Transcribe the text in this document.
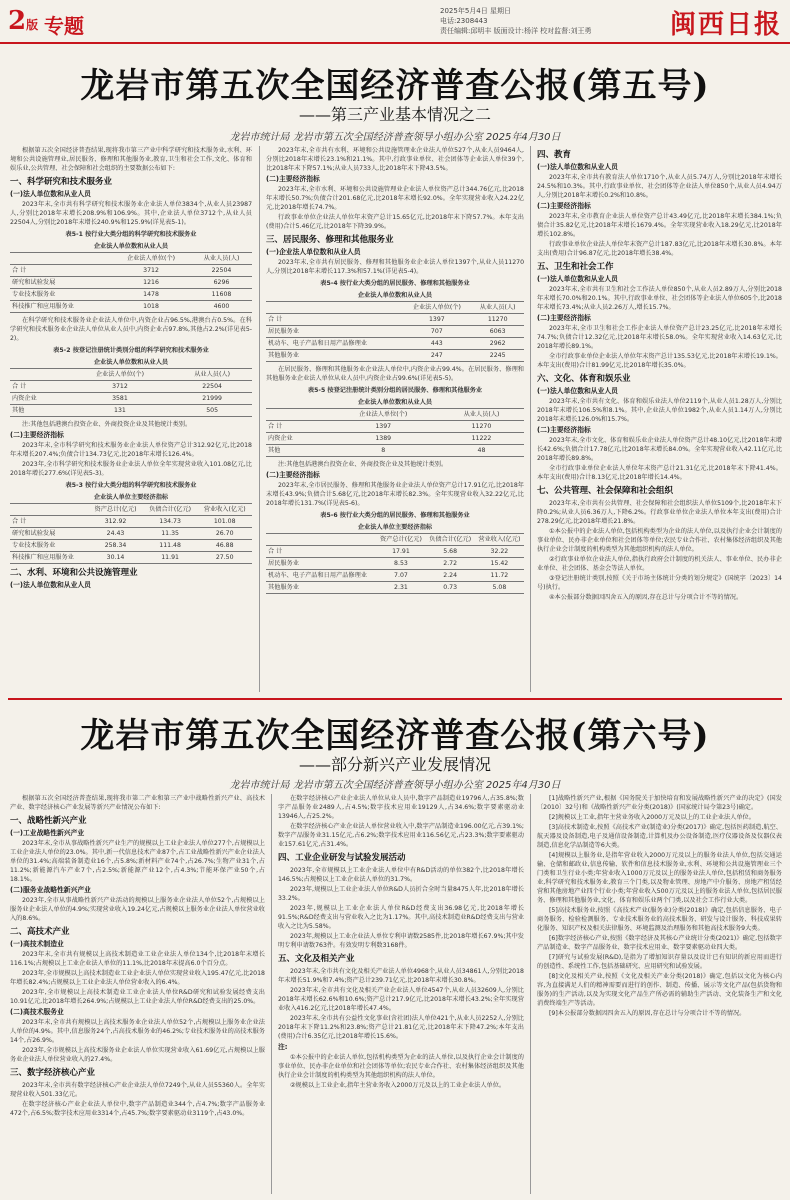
2版 专题
2025年5月4日 星期日
电话:2308443
责任编辑:邱明丰 版面设计:杨洋 校对监督:刘王勇	闽西日报
龙岩市第五次全国经济普查公报(第五号)
——第三产业基本情况之二
龙岩市统计局 龙岩市第五次全国经济普查领导小组办公室 2025年4月30日

根据第五次全国经济普查结果,现将我市第三产业中科学研究和技术服务业,水利、环境和公共设施管理业,居民服务、修理和其他服务业,教育,卫生和社会工作,文化、体育和娱乐业,公共管理、社会保障和社会组织的主要数据公布如下:

一、科学研究和技术服务业
(一)法人单位数和从业人员

2023年末,全市共有科学研究和技术服务业企业法人单位3834个,从业人员23987人,分别比2018年末增长208.9%和106.9%。其中,企业法人单位3712个,从业人员22504人,分别比2018年末增长240.9%和125.9%(详见表5-1)。

表5-1 按行业大类分组的科学研究和技术服务业
企业法人单位数和从业人员
	企业法人单位(个)	从业人员(人)
合 计	3712	22504
研究和试验发展	1216	6296
专业技术服务业	1478	11608
科技推广和应用服务业	1018	4600

在科学研究和技术服务业企业法人单位中,内资企业占96.5%,港澳台占0.5%。在科学研究和技术服务业企业法人单位从业人员中,内资企业占97.8%,其他占2.2%(详见表5-2)。

表5-2 按登记注册统计类别分组的科学研究和技术服务业
企业法人单位数和从业人员
	企业法人单位(个)	从业人员(人)
合 计	3712	22504
内资企业	3581	21999
其他	131	505

注:其他包括港澳台投资企业、外商投资企业及其他统计类别。

(二)主要经济指标

2023年末,全市科学研究和技术服务业企业法人单位资产总计312.92亿元,比2018年末增长207.4%;负债合计134.73亿元,比2018年末增长126.4%。

2023年,全市科学研究和技术服务业企业法人单位全年实现营业收入101.08亿元,比2018年增长277.6%(详见表5-3)。

表5-3 按行业大类分组的科学研究和技术服务业
企业法人单位主要经济指标
	资产总计(亿元)	负债合计(亿元)	营业收入(亿元)
合 计	312.92	134.73	101.08
研究和试验发展	24.43	11.35	26.70
专业技术服务业	258.34	111.48	46.88
科技推广和应用服务业	30.14	11.91	27.50
二、水利、环境和公共设施管理业
(一)法人单位数和从业人员

2023年末,全市共有水利、环境和公共设施管理业企业法人单位527个,从业人员9464人,分别比2018年末增长23.1%和21.1%。其中,行政事业单位、社会团体等企业法人单位39个,比2018年末下降57.1%;从业人员733人,比2018年末下降43.5%。

(二)主要经济指标

2023年末,全市水利、环境和公共设施管理业企业法人单位资产总计344.76亿元,比2018年末增长50.7%;负债合计201.68亿元,比2018年末增长92.0%。全年实现营业收入24.22亿元,比2018年增长74.7%。

行政事业单位企业法人单位年末资产总计15.65亿元,比2018年末下降57.7%。本年支出(费用)合计5.46亿元,比2018年下降39.9%。

三、居民服务、修理和其他服务业
(一)企业法人单位数和从业人员

2023年末,全市共有居民服务、修理和其他服务业企业法人单位1397个,从业人员11270人,分别比2018年末增长117.3%和57.1%(详见表5-4)。

表5-4 按行业大类分组的居民服务、修理和其他服务业
企业法人单位数和从业人员
	企业法人单位(个)	从业人员(人)
合 计	1397	11270
居民服务业	707	6063
机动车、电子产品和日用产品修理业	443	2962
其他服务业	247	2245

在居民服务、修理和其他服务业企业法人单位中,内资企业占99.4%。在居民服务、修理和其他服务业企业法人单位从业人员中,内资企业占99.6%(详见表5-5)。

表5-5 按登记注册统计类别分组的居民服务、修理和其他服务业
企业法人单位数和从业人员
	企业法人单位(个)	从业人员(人)
合 计	1397	11270
内资企业	1389	11222
其他	8	48

注:其他包括港澳台投资企业、外商投资企业及其他统计类别。

(二)主要经济指标

2023年末,全市居民服务、修理和其他服务业企业法人单位资产总计17.91亿元,比2018年末增长43.9%;负债合计5.68亿元,比2018年末增长82.3%。全年实现营业收入32.22亿元,比2018年增长131.7%(详见表5-6)。

表5-6 按行业大类分组的居民服务、修理和其他服务业
企业法人单位主要经济指标
	资产总计(亿元)	负债合计(亿元)	营业收入(亿元)
合 计	17.91	5.68	32.22
居民服务业	8.53	2.72	15.42
机动车、电子产品和日用产品修理业	7.07	2.24	11.72
其他服务业	2.31	0.73	5.08
四、教育
(一)法人单位数和从业人员

2023年末,全市共有教育法人单位1710个,从业人员5.74万人,分别比2018年末增长24.5%和10.3%。其中,行政事业单位、社会团体等企业法人单位850个,从业人员4.94万人,分别比2018年末增长0.2%和10.8%。

(二)主要经济指标

2023年末,全市教育企业法人单位资产总计43.49亿元,比2018年末增长384.1%;负债合计35.82亿元,比2018年末增长1679.4%。全年实现营业收入18.29亿元,比2018年增长102.8%。

行政事业单位企业法人单位年末资产总计187.83亿元,比2018年末增长30.8%。本年支出(费用)合计96.87亿元,比2018年增长38.4%。

五、卫生和社会工作
(一)法人单位数和从业人员

2023年末,全市共有卫生和社会工作法人单位850个,从业人员2.89万人,分别比2018年末增长70.0%和20.1%。其中,行政事业单位、社会团体等企业法人单位605个,比2018年末增长73.4%;从业人员2.26万人,增长15.7%。

(二)主要经济指标

2023年末,全市卫生和社会工作企业法人单位资产总计23.25亿元,比2018年末增长74.7%;负债合计12.32亿元,比2018年末增长58.0%。全年实现营业收入14.63亿元,比2018年增长89.1%。

全市行政事业单位企业法人单位年末资产总计135.53亿元,比2018年末增长19.1%。本年支出(费用)合计81.99亿元,比2018年增长35.0%。

六、文化、体育和娱乐业
(一)法人单位数和从业人员

2023年末,全市共有文化、体育和娱乐业法人单位2119个,从业人员1.28万人,分别比2018年末增长106.5%和8.1%。其中,企业法人单位1982个,从业人员1.14万人,分别比2018年末增长126.0%和15.7%。

(二)主要经济指标

2023年末,全市文化、体育和娱乐业企业法人单位资产总计48.10亿元,比2018年末增长42.6%;负债合计17.78亿元,比2018年末增长84.0%。全年实现营业收入42.11亿元,比2018年增长89.8%。

全市行政事业单位企业法人单位年末资产总计21.31亿元,比2018年末下降41.4%。本年支出(费用)合计8.13亿元,比2018年增长14.4%。

七、公共管理、社会保障和社会组织

2023年末,全市共有公共管理、社会保障和社会组织法人单位5109个,比2018年末下降0.2%;从业人员6.36万人,下降6.2%。行政事业单位企业法人单位本年支出(费用)合计278.29亿元,比2018年增长21.8%。

①本公报中的企业法人单位,包括机构类型为企业的法人单位,以及执行企业会计制度的事业单位、民办非企业单位和社会团体等单位;农民专业合作社、农村集体经济组织及其他执行企业会计制度的机构类型为其他组织机构的法人单位。

②行政事业单位企业法人单位,指执行政府会计制度的机关法人、事业单位、民办非企业单位、社会团体、基金会等法人单位。

③登记注册统计类别,按照《关于市场主体统计分类的划分规定》(国统字〔2023〕14号)执行。

④本公报部分数据因四舍五入的原因,存在总计与分项合计不等的情况。

龙岩市第五次全国经济普查公报(第六号)
——部分新兴产业发展情况
龙岩市统计局 龙岩市第五次全国经济普查领导小组办公室 2025年4月30日

根据第五次全国经济普查结果,现将我市第二产业和第三产业中战略性新兴产业、高技术产业、数字经济核心产业发展等新兴产业情况公布如下:

一、战略性新兴产业
(一)工业战略性新兴产业

2023年末,全市从事战略性新兴产业生产的规模以上工业企业法人单位277个,占规模以上工业企业法人单位的23.0%。其中,新一代信息技术产业87个,占工业战略性新兴产业企业法人单位的31.4%;高端装备制造业16个,占5.8%;新材料产业74个,占26.7%;生物产业31个,占11.2%;新能源汽车产业7个,占2.5%;新能源产业12个,占4.3%;节能环保产业50个,占18.1%。

(二)服务业战略性新兴产业

2023年,全市从事战略性新兴产业活动的规模以上服务业企业法人单位52个,占规模以上服务业企业法人单位的4.9%;实现营业收入19.24亿元,占规模以上服务业企业法人单位营业收入的8.6%。

二、高技术产业
(一)高技术制造业

2023年末,全市共有规模以上高技术制造业工业企业法人单位134个,比2018年末增长116.1%;占规模以上工业企业法人单位的11.1%,比2018年末提高6.0个百分点。

2023年,全市规模以上高技术制造业工业企业法人单位实现营业收入195.47亿元,比2018年增长82.4%;占规模以上工业企业法人单位营业收入的6.4%。

2023年,全市规模以上高技术制造业工业企业法人单位R&D研究和试验发展经费支出10.91亿元,比2018年增长264.9%;占规模以上工业企业法人单位R&D经费支出的25.0%。

(二)高技术服务业

2023年末,全市共有规模以上高技术服务业企业法人单位52个,占规模以上服务业企业法人单位的4.9%。其中,信息服务24个,占高技术服务业的46.2%;专业技术服务业的高技术服务14个,占26.9%。

2023年,全市规模以上高技术服务业企业法人单位实现营业收入61.69亿元,占规模以上服务业企业法人单位营业收入的27.4%。

三、数字经济核心产业

2023年末,全市共有数字经济核心产业企业法人单位7249个,从业人员55360人。全年实现营业收入501.33亿元。

在数字经济核心产业企业法人单位中,数字产品制造业344个,占4.7%;数字产品服务业472个,占6.5%;数字技术应用业3314个,占45.7%;数字要素驱动业3119个,占43.0%。

在数字经济核心产业企业法人单位从业人员中,数字产品制造业19796人,占35.8%;数字产品服务业2489人,占4.5%;数字技术应用业19129人,占34.6%;数字要素驱动业13946人,占25.2%。

在数字经济核心产业企业法人单位营业收入中,数字产品制造业196.00亿元,占39.1%;数字产品服务业31.15亿元,占6.2%;数字技术应用业116.56亿元,占23.3%;数字要素驱动业157.61亿元,占31.4%。

四、工业企业研发与试验发展活动

2023年,全市规模以上工业企业法人单位中有R&D活动的单位382个,比2018年增长146.5%;占规模以上工业企业法人单位的31.7%。

2023年,规模以上工业企业法人单位R&D人员折合全时当量8475人年,比2018年增长33.2%。

2023年,规模以上工业企业法人单位R&D经费支出36.98亿元,比2018年增长91.5%;R&D经费支出与营业收入之比为1.17%。其中,高技术制造业R&D经费支出与营业收入之比为5.58%。

2023年,规模以上工业企业法人单位专利申请数2585件,比2018年增长67.9%;其中发明专利申请数763件。有效发明专利数3168件。

五、文化及相关产业

2023年末,全市共有文化及相关产业法人单位4968个,从业人员34861人,分别比2018年末增长51.9%和7.4%;资产总计239.71亿元,比2018年末增长30.8%。

2023年末,全市共有文化及相关产业企业法人单位4547个,从业人员32609人,分别比2018年末增长62.6%和10.6%;资产总计217.9亿元,比2018年末增长43.2%;全年实现营业收入416.2亿元,比2018年增长47.4%。

2023年末,全市共有公益性文化事业(含社团)法人单位421个,从业人员2252人,分别比2018年末下降11.2%和23.8%;资产总计21.81亿元,比2018年末下降47.2%;本年支出(费用)合计6.35亿元,比2018年增长15.6%。

注:

①本公报中的企业法人单位,包括机构类型为企业的法人单位,以及执行企业会计制度的事业单位、民办非企业单位和社会团体等单位;农民专业合作社、农村集体经济组织及其他执行企业会计制度的机构类型为其他组织机构的法人单位。

②规模以上工业企业,指年主营业务收入2000万元及以上的工业企业法人单位。

[1]战略性新兴产业,根据《国务院关于加快培育和发展战略性新兴产业的决定》(国发〔2010〕32号)和《战略性新兴产业分类(2018)》(国家统计局令第23号)确定。

[2]规模以上工业,指年主营业务收入2000万元及以上的工业企业法人单位。

[3]高技术制造业,按照《高技术产业(制造业)分类(2017)》确定,包括医药制造,航空、航天器及设备制造,电子及通信设备制造,计算机及办公设备制造,医疗仪器设备及仪器仪表制造,信息化学品制造等6大类。

[4]规模以上服务业,是指年营业收入2000万元及以上的服务业法人单位,包括交通运输、仓储和邮政业,信息传输、软件和信息技术服务业,水利、环境和公共设施管理业三个门类和卫生行业小类;年营业收入1000万元及以上的服务业法人单位,包括租赁和商务服务业,科学研究和技术服务业,教育三个门类,以及物业管理、房地产中介服务、房地产租赁经营和其他房地产业四个行业小类;年营业收入500万元及以上的服务业法人单位,包括居民服务、修理和其他服务业,文化、体育和娱乐业两个门类,以及社会工作行业大类。

[5]高技术服务业,按照《高技术产业(服务业)分类(2018)》确定,包括信息服务、电子商务服务、检验检测服务、专业技术服务业的高技术服务、研发与设计服务、科技成果转化服务、知识产权及相关法律服务、环境监测及治理服务和其他高技术服务9大类。

[6]数字经济核心产业,按照《数字经济及其核心产业统计分类(2021)》确定,包括数字产品制造业、数字产品服务业、数字技术应用业、数字要素驱动业四大类。

[7]研究与试验发展(R&D),是指为了增加知识存量以及设计已有知识的新应用而进行的创造性、系统性工作,包括基础研究、应用研究和试验发展。

[8]文化及相关产业,按照《文化及相关产业分类(2018)》确定,包括以文化为核心内容,为直接满足人们的精神需要而进行的创作、制造、传播、展示等文化产品(包括货物和服务)的生产活动,以及为实现文化产品生产所必需的辅助生产活动、文化装备生产和文化消费终端生产等活动。

[9]本公报部分数据因四舍五入的原因,存在总计与分项合计不等的情况。
